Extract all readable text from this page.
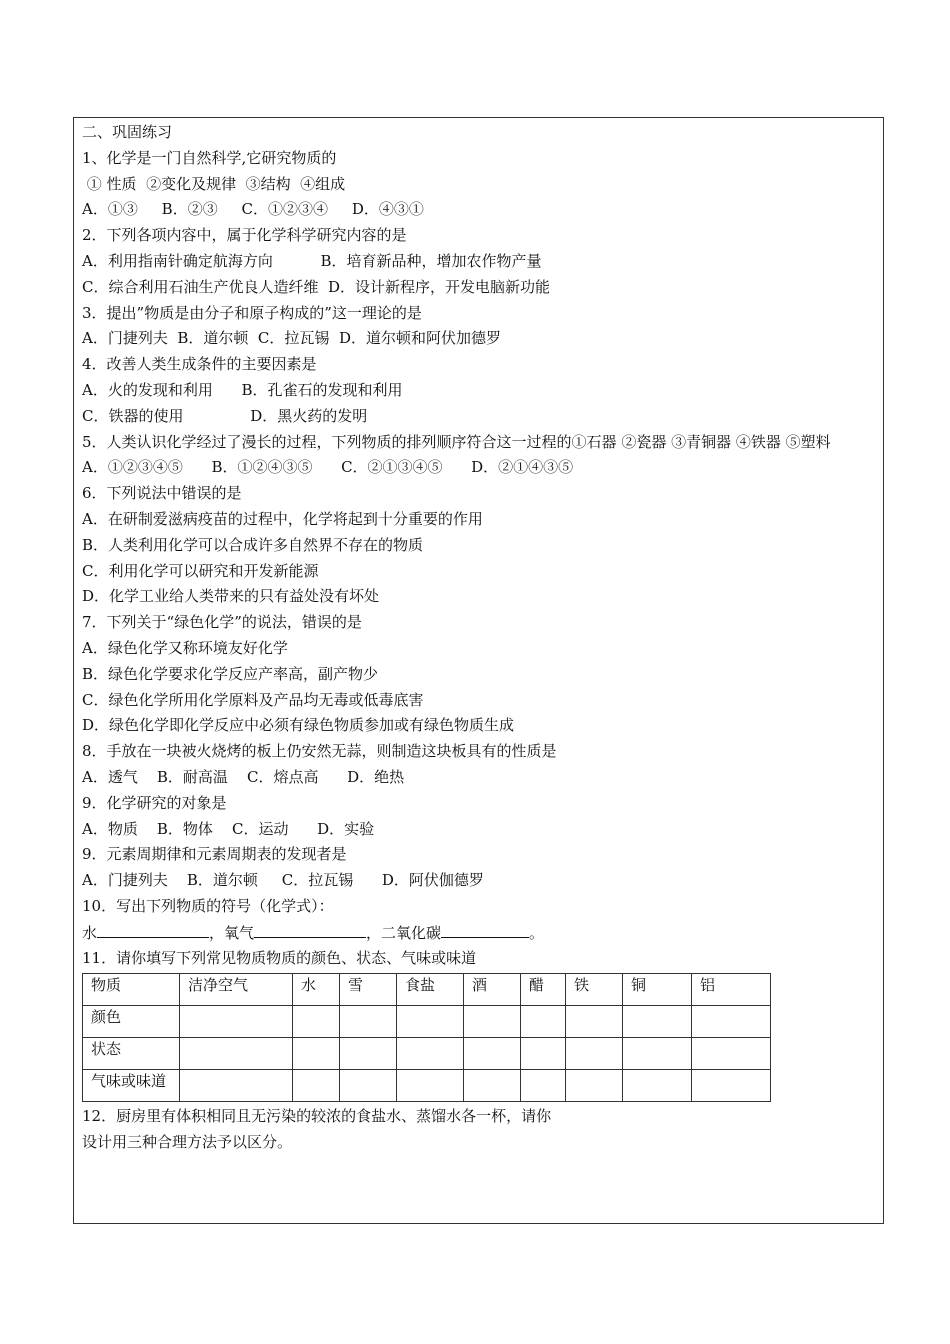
二、巩固练习
1、化学是一门自然科学,它研究物质的
① 性质  ②变化及规律  ③结构  ④组成
A．①③     B．②③     C．①②③④     D．④③①
2．下列各项内容中，属于化学科学研究内容的是
A．利用指南针确定航海方向          B．培育新品种，增加农作物产量
C．综合利用石油生产优良人造纤维  D．设计新程序，开发电脑新功能
3．提出”物质是由分子和原子构成的”这一理论的是
A．门捷列夫  B．道尔顿  C．拉瓦锡  D．道尔顿和阿伏加德罗
4．改善人类生成条件的主要因素是
A．火的发现和利用      B．孔雀石的发现和利用
C．铁器的使用              D．黑火药的发明
5．人类认识化学经过了漫长的过程，下列物质的排列顺序符合这一过程的①石器 ②瓷器 ③青铜器 ④铁器 ⑤塑料
A．①②③④⑤      B．①②④③⑤      C．②①③④⑤      D．②①④③⑤
6．下列说法中错误的是
A．在研制爱滋病疫苗的过程中，化学将起到十分重要的作用
B．人类利用化学可以合成许多自然界不存在的物质
C．利用化学可以研究和开发新能源
D．化学工业给人类带来的只有益处没有坏处
7．下列关于“绿色化学”的说法，错误的是
A．绿色化学又称环境友好化学
B．绿色化学要求化学反应产率高，副产物少
C．绿色化学所用化学原料及产品均无毒或低毒底害
D．绿色化学即化学反应中必须有绿色物质参加或有绿色物质生成
8．手放在一块被火烧烤的板上仍安然无蒜，则制造这块板具有的性质是
A．透气    B．耐高温    C．熔点高      D．绝热
9．化学研究的对象是
A．物质    B．物体    C．运动      D．实验
9．元素周期律和元素周期表的发现者是
A．门捷列夫    B．道尔顿     C．拉瓦锡      D．阿伏伽德罗
10．写出下列物质的符号（化学式）：
水	，氧气	，二氧化碳	。
11．请你填写下列常见物质物质的颜色、状态、气味或味道
物质	洁净空气	水	雪	食盐	酒	醋	铁	铜	铝
颜色									
状态									
气味或味道									
12．厨房里有体积相同且无污染的较浓的食盐水、蒸馏水各一杯，请你
设计用三种合理方法予以区分。
